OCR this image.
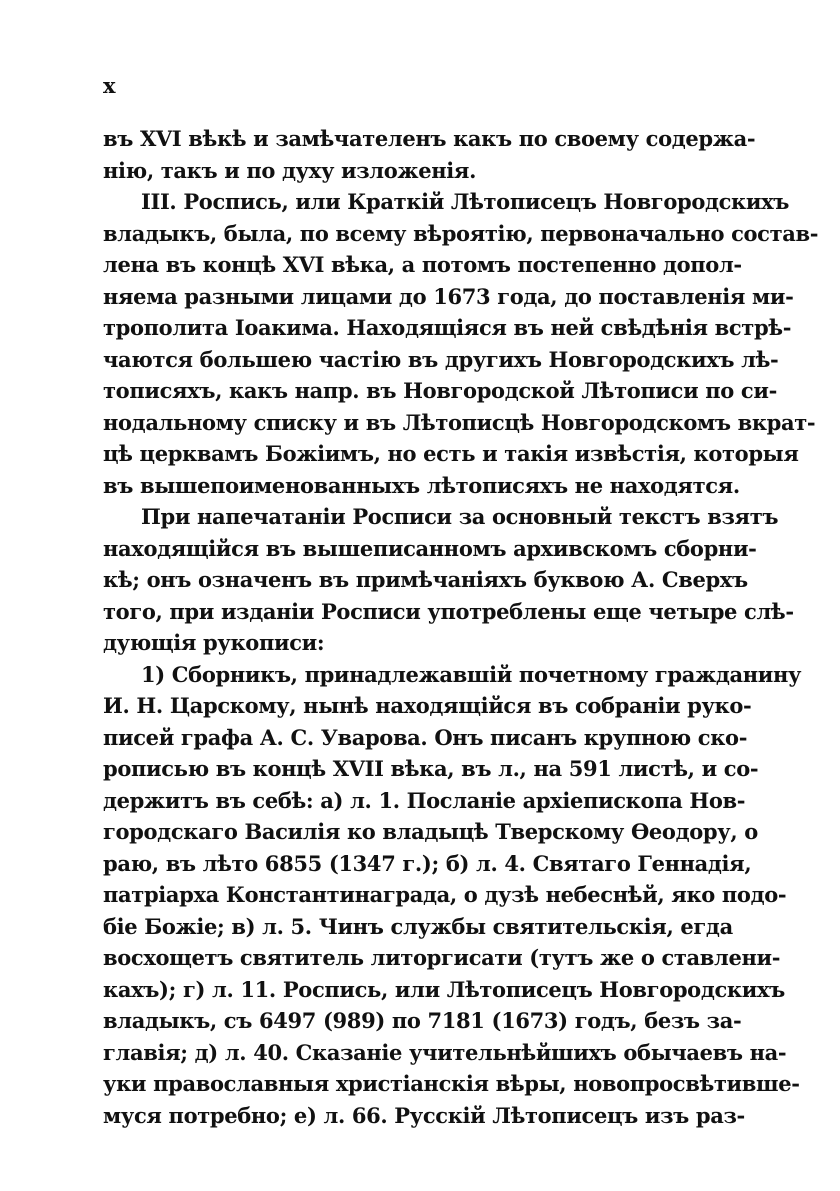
x
въ XVI вѣкѣ и замѣчателенъ какъ по своему содержа-
нію, такъ и по духу изложенія.
III. Роспись, или Краткій Лѣтописецъ Новгородскихъ
владыкъ, была, по всему вѣроятію, первоначально состав-
лена въ концѣ XVI вѣка, а потомъ постепенно допол-
няема разными лицами до 1673 года, до поставленія ми-
трополита Іоакима. Находящіяся въ ней свѣдѣнія встрѣ-
чаются большею частію въ другихъ Новгородскихъ лѣ-
тописяхъ, какъ напр. въ Новгородской Лѣтописи по си-
нодальному списку и въ Лѣтописцѣ Новгородскомъ вкрат-
цѣ церквамъ Божіимъ, но есть и такія извѣстія, которыя
въ вышепоименованныхъ лѣтописяхъ не находятся.
При напечатаніи Росписи за основный текстъ взятъ
находящійся въ вышеписанномъ архивскомъ сборни-
кѣ; онъ означенъ въ примѣчаніяхъ буквою А. Сверхъ
того, при изданіи Росписи употреблены еще четыре слѣ-
дующія рукописи:
1) Сборникъ, принадлежавшій почетному гражданину
И. Н. Царскому, нынѣ находящійся въ собраніи руко-
писей графа А. С. Уварова. Онъ писанъ крупною ско-
рописью въ концѣ XVII вѣка, въ л., на 591 листѣ, и со-
держитъ въ себѣ: а) л. 1. Посланіе архіепископа Нов-
городскаго Василія ко владыцѣ Тверскому Ѳеодору, о
раю, въ лѣто 6855 (1347 г.); б) л. 4. Святаго Геннадія,
патріарха Константинаграда, о дузѣ небеснѣй, яко подо-
біе Божіе; в) л. 5. Чинъ службы святительскія, егда
восхощетъ святитель литоргисати (тутъ же о ставлени-
кахъ); г) л. 11. Роспись, или Лѣтописецъ Новгородскихъ
владыкъ, съ 6497 (989) по 7181 (1673) годъ, безъ за-
главія; д) л. 40. Сказаніе учительнѣйшихъ обычаевъ на-
уки православныя христіанскія вѣры, новопросвѣтивше-
муся потребно; е) л. 66. Русскій Лѣтописецъ изъ раз-
